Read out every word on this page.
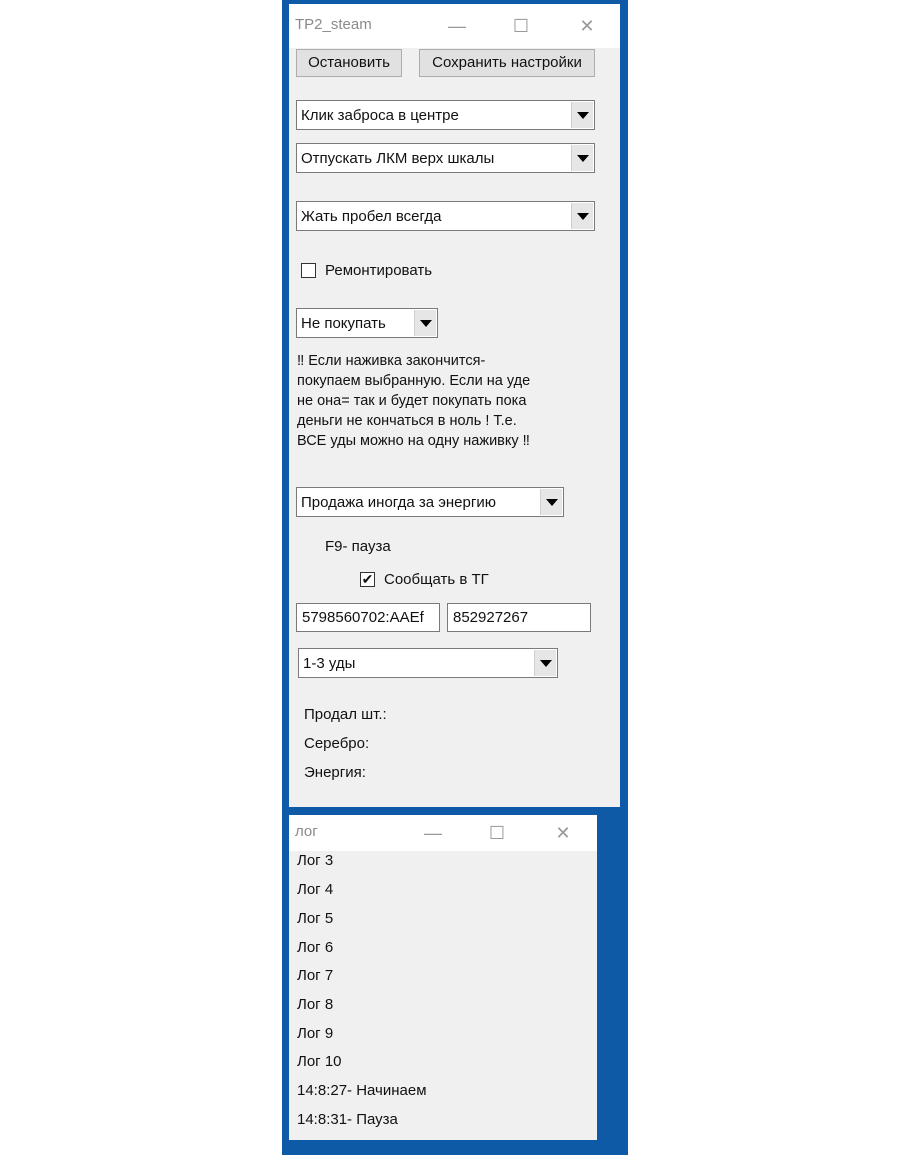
TP2_steam	—	☐	✕
Остановить	Сохранить настройки
Клик заброса в центре
Отпускать ЛКМ верх шкалы
Жать пробел всегда
Ремонтировать
Не покупать
‼ Если наживка закончится-
покупаем выбранную. Если на уде
не она= так и будет покупать пока
деньги не кончаться в ноль ! Т.е.
ВСЕ уды можно на одну наживку ‼
Продажа иногда за энергию
F9- пауза
✔ Сообщать в ТГ
5798560702:AAEf 852927267
1-3 уды
Продал шт.:
Серебро:
Энергия:
лог	—	☐	✕
Лог 3
Лог 4
Лог 5
Лог 6
Лог 7
Лог 8
Лог 9
Лог 10
14:8:27- Начинаем
14:8:31- Пауза
